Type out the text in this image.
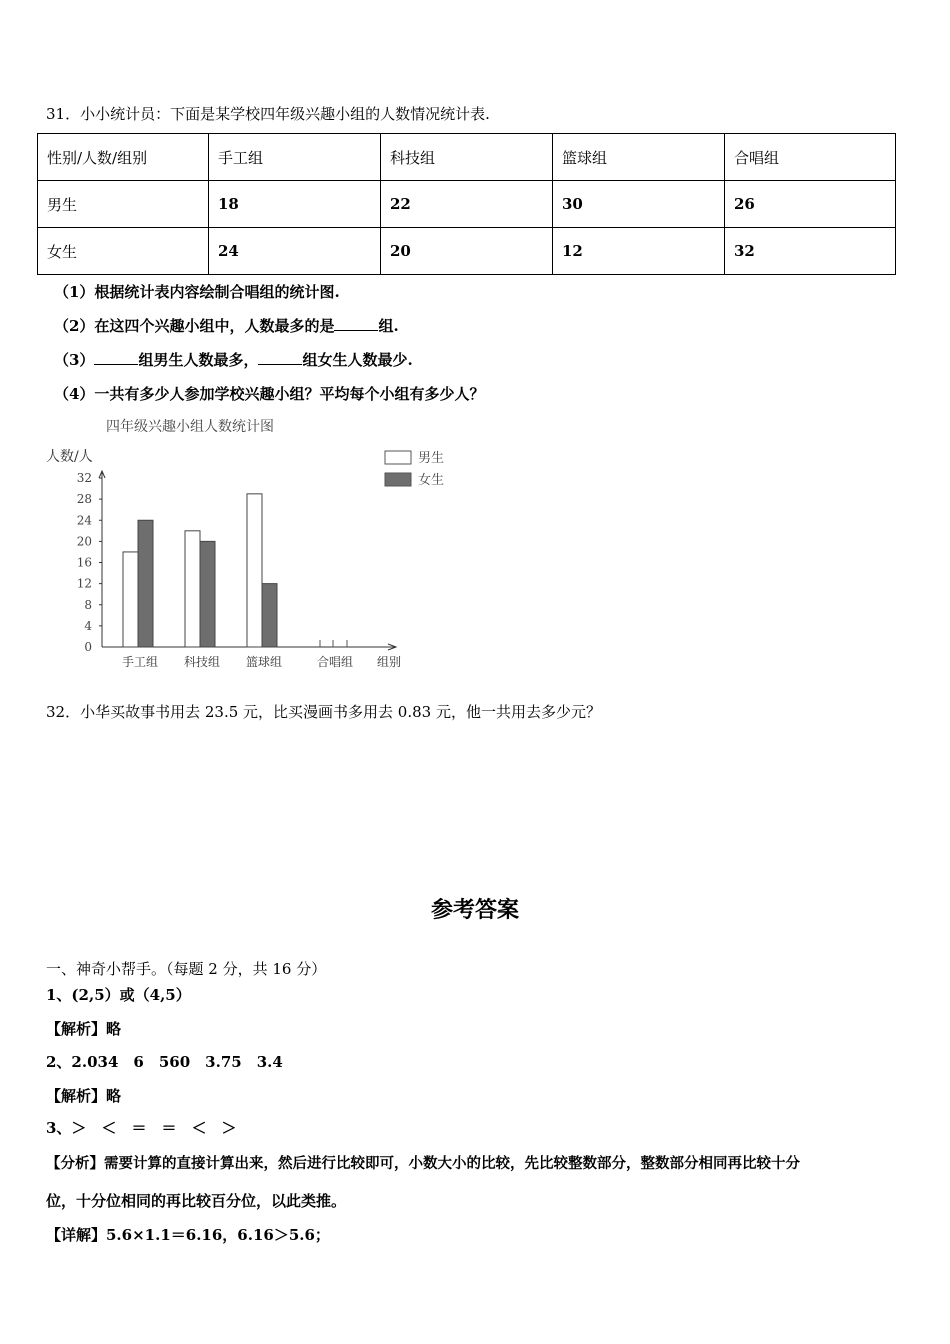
31．小小统计员：下面是某学校四年级兴趣小组的人数情况统计表.
性别/人数/组别	手工组	科技组	篮球组	合唱组
男生	18	22	30	26
女生	24	20	12	32
（1）根据统计表内容绘制合唱组的统计图.
（2）在这四个兴趣小组中，人数最多的是	组.
（3）	组男生人数最多，	组女生人数最少.
（4）一共有多少人参加学校兴趣小组？平均每个小组有多少人？
四年级兴趣小组人数统计图
人数/人	男生
女生
0
4
8
12
16
20
24
28
32
手工组 科技组 篮球组	合唱组 组别
32．小华买故事书用去 23.5 元，比买漫画书多用去 0.83 元，他一共用去多少元？
参考答案
一、神奇小帮手。（每题 2 分，共 16 分）
1、(2,5）或（4,5）
【解析】略
2、2.034　6　560　3.75　3.4
【解析】略
3、＞　＜　＝　＝　＜　＞
【分析】需要计算的直接计算出来，然后进行比较即可，小数大小的比较，先比较整数部分，整数部分相同再比较十分
位，十分位相同的再比较百分位，以此类推。
【详解】5.6×1.1＝6.16，6.16＞5.6；
